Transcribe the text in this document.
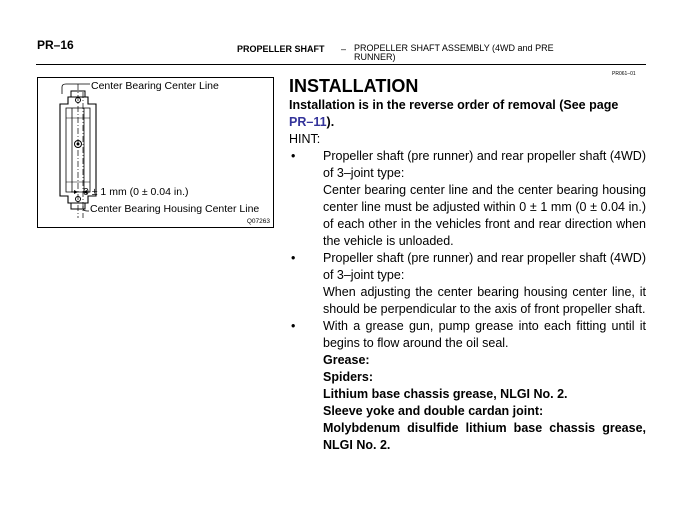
PR–16	PROPELLER SHAFT – PROPELLER SHAFT ASSEMBLY (4WD and PRE RUNNER)
PR061–01
Center Bearing Center Line
0 ± 1 mm (0 ± 0.04 in.)
Center Bearing Housing Center Line
Q07263
INSTALLATION
Installation is in the reverse order of removal (See page
PR–11).
HINT:
• Propeller shaft (pre runner) and rear propeller shaft (4WD) of 3–joint type:
Center bearing center line and the center bearing housing center line must be adjusted within 0 ± 1 mm (0 ± 0.04 in.) of each other in the vehicles front and rear direction when the vehicle is unloaded.
• Propeller shaft (pre runner) and rear propeller shaft (4WD) of 3–joint type:
When adjusting the center bearing housing center line, it should be perpendicular to the axis of front propeller shaft.
• With a grease gun, pump grease into each fitting until it begins to flow around the oil seal.
Grease:
Spiders:
Lithium base chassis grease, NLGI No. 2.
Sleeve yoke and double cardan joint:
Molybdenum disulfide lithium base chassis grease, NLGI No. 2.
